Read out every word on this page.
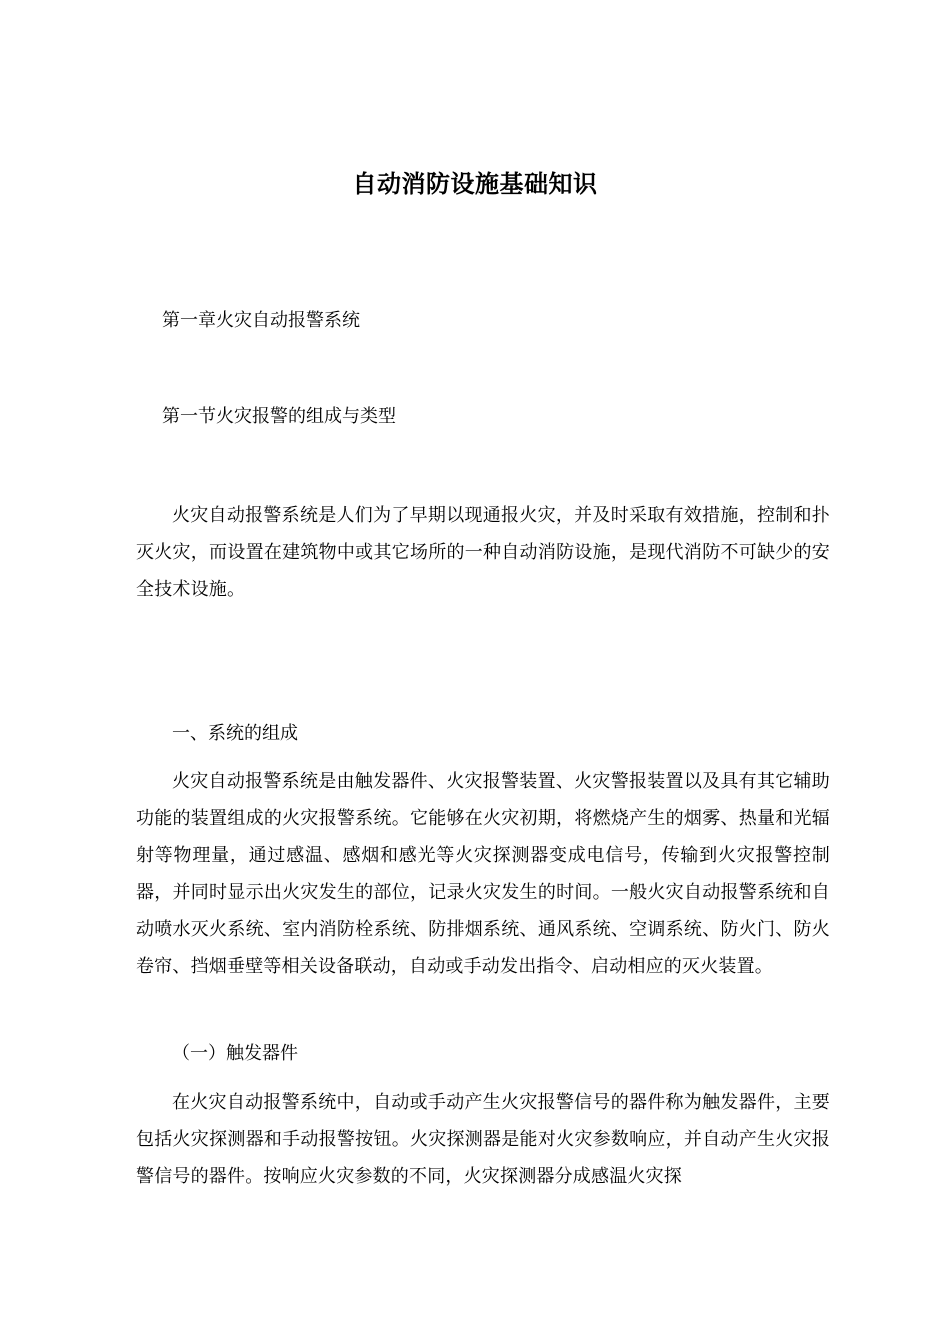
自动消防设施基础知识

第一章火灾自动报警系统

第一节火灾报警的组成与类型

火灾自动报警系统是人们为了早期以现通报火灾，并及时采取有效措施，控制和扑灭火灾，而设置在建筑物中或其它场所的一种自动消防设施，是现代消防不可缺少的安全技术设施。

一、系统的组成

火灾自动报警系统是由触发器件、火灾报警装置、火灾警报装置以及具有其它辅助功能的装置组成的火灾报警系统。它能够在火灾初期，将燃烧产生的烟雾、热量和光辐射等物理量，通过感温、感烟和感光等火灾探测器变成电信号，传输到火灾报警控制器，并同时显示出火灾发生的部位，记录火灾发生的时间。一般火灾自动报警系统和自动喷水灭火系统、室内消防栓系统、防排烟系统、通风系统、空调系统、防火门、防火卷帘、挡烟垂壁等相关设备联动，自动或手动发出指令、启动相应的灭火装置。

（一）触发器件

在火灾自动报警系统中，自动或手动产生火灾报警信号的器件称为触发器件，主要包括火灾探测器和手动报警按钮。火灾探测器是能对火灾参数响应，并自动产生火灾报警信号的器件。按响应火灾参数的不同，火灾探测器分成感温火灾探
